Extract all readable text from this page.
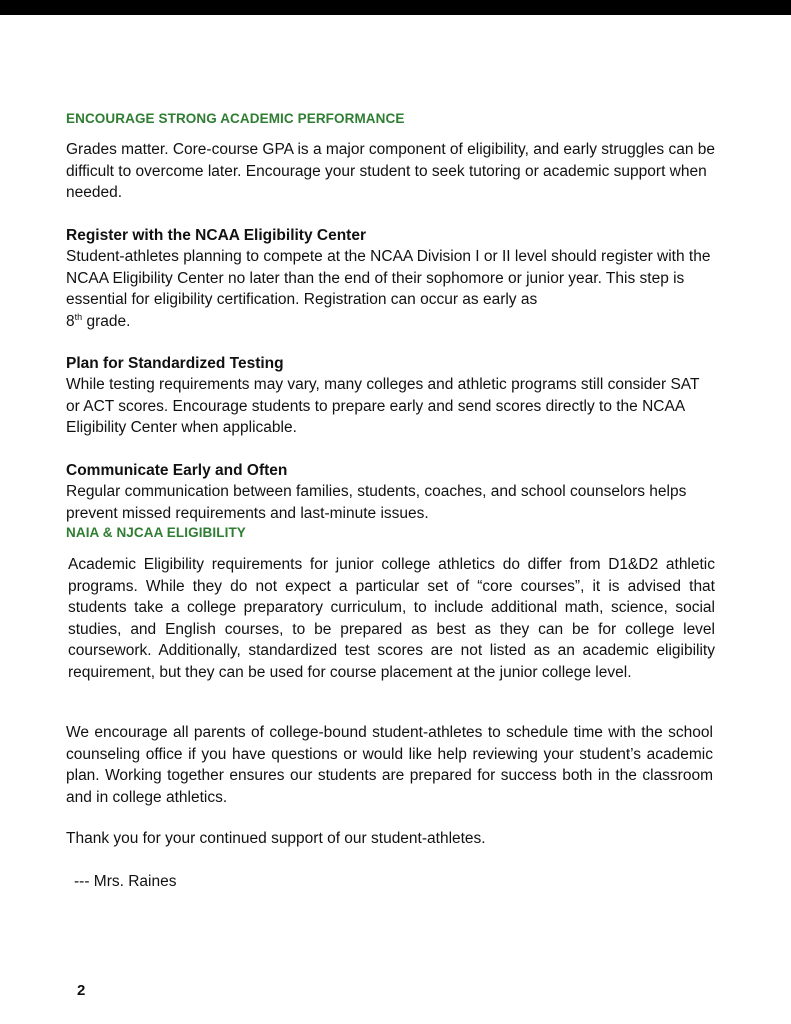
ENCOURAGE STRONG ACADEMIC PERFORMANCE
Grades matter. Core-course GPA is a major component of eligibility, and early struggles can be difficult to overcome later. Encourage your student to seek tutoring or academic support when needed.
Register with the NCAA Eligibility Center
Student-athletes planning to compete at the NCAA Division I or II level should register with the NCAA Eligibility Center no later than the end of their sophomore or junior year. This step is essential for eligibility certification. Registration can occur as early as
8th grade.
Plan for Standardized Testing
While testing requirements may vary, many colleges and athletic programs still consider SAT or ACT scores. Encourage students to prepare early and send scores directly to the NCAA Eligibility Center when applicable.
Communicate Early and Often
Regular communication between families, students, coaches, and school counselors helps prevent missed requirements and last-minute issues.
NAIA & NJCAA ELIGIBILITY
Academic Eligibility requirements for junior college athletics do differ from D1&D2 athletic programs. While they do not expect a particular set of “core courses”, it is advised that students take a college preparatory curriculum, to include additional math, science, social studies, and English courses, to be prepared as best as they can be for college level coursework. Additionally, standardized test scores are not listed as an academic eligibility requirement, but they can be used for course placement at the junior college level.
We encourage all parents of college-bound student-athletes to schedule time with the school counseling office if you have questions or would like help reviewing your student’s academic plan. Working together ensures our students are prepared for success both in the classroom and in college athletics.
Thank you for your continued support of our student-athletes.
--- Mrs. Raines
2
